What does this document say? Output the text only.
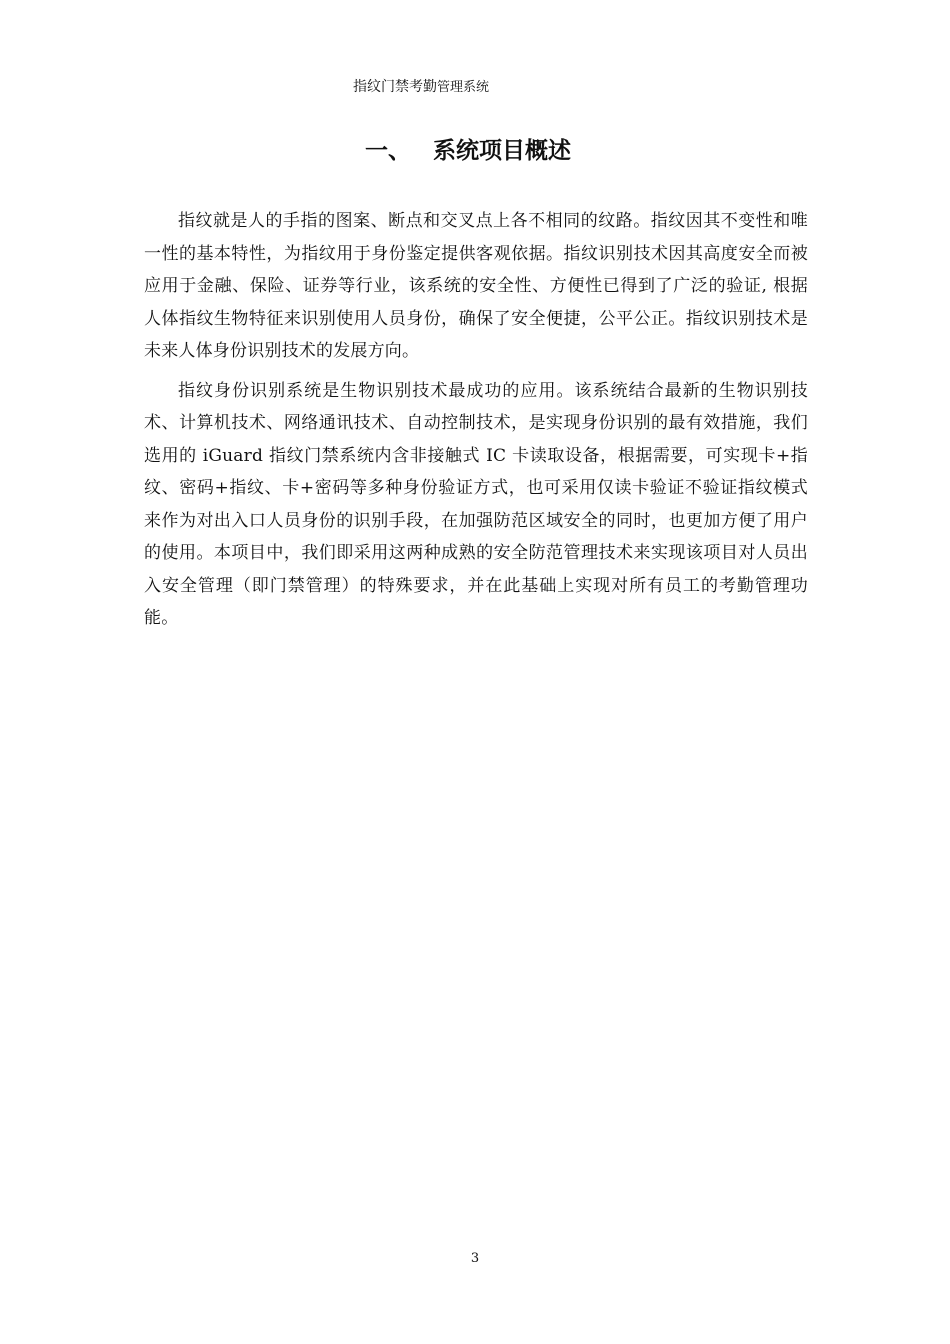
指纹门禁考勤管理系统
一、 系统项目概述

指纹就是人的手指的图案、断点和交叉点上各不相同的纹路。指纹因其不变性和唯一性的基本特性，为指纹用于身份鉴定提供客观依据。指纹识别技术因其高度安全而被应用于金融、保险、证券等行业，该系统的安全性、方便性已得到了广泛的验证, 根据人体指纹生物特征来识别使用人员身份，确保了安全便捷，公平公正。指纹识别技术是未来人体身份识别技术的发展方向。

指纹身份识别系统是生物识别技术最成功的应用。该系统结合最新的生物识别技术、计算机技术、网络通讯技术、自动控制技术，是实现身份识别的最有效措施，我们选用的 iGuard 指纹门禁系统内含非接触式 IC 卡读取设备，根据需要，可实现卡+指纹、密码+指纹、卡+密码等多种身份验证方式，也可采用仅读卡验证不验证指纹模式来作为对出入口人员身份的识别手段，在加强防范区域安全的同时，也更加方便了用户的使用。本项目中，我们即采用这两种成熟的安全防范管理技术来实现该项目对人员出入安全管理（即门禁管理）的特殊要求，并在此基础上实现对所有员工的考勤管理功能。

3
